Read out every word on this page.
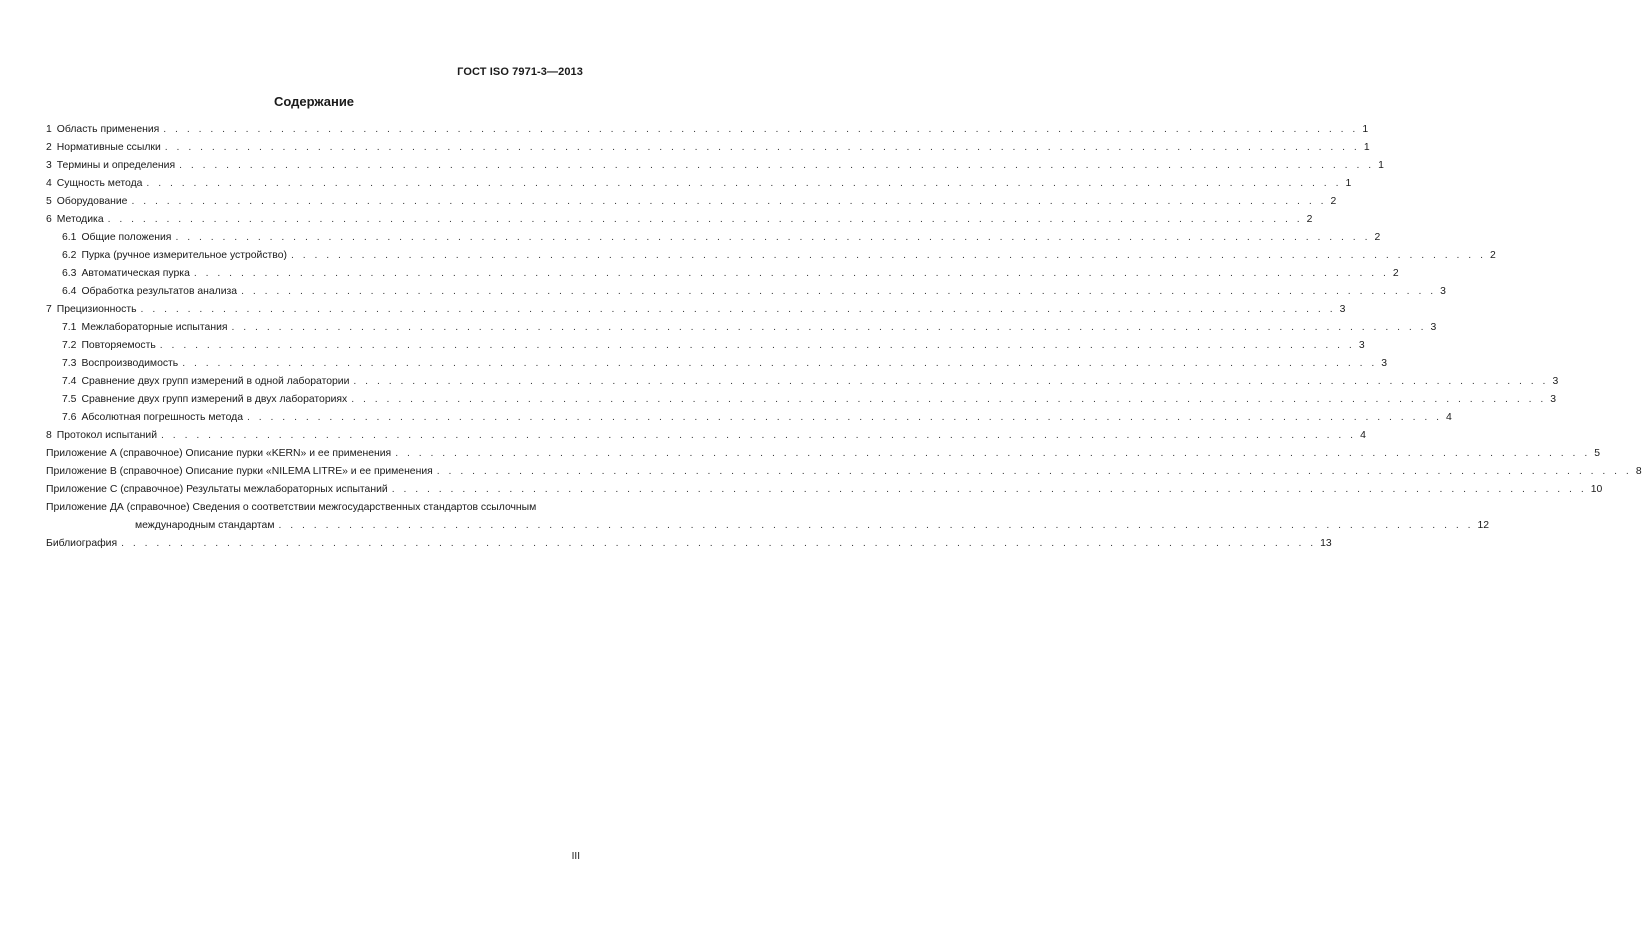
ГОСТ ISO 7971-3—2013
Содержание
1 Область применения . . .	1
2 Нормативные ссылки . . .	1
3 Термины и определения . . .	1
4 Сущность метода . . .	1
5 Оборудование . . .	2
6 Методика . . .	2
6.1 Общие положения . . .	2
6.2 Пурка (ручное измерительное устройство) . . .	2
6.3 Автоматическая пурка . . .	2
6.4 Обработка результатов анализа . . .	3
7 Прецизионность . . .	3
7.1 Межлабораторные испытания . . .	3
7.2 Повторяемость . . .	3
7.3 Воспроизводимость . . .	3
7.4 Сравнение двух групп измерений в одной лаборатории . . .	3
7.5 Сравнение двух групп измерений в двух лабораториях . . .	3
7.6 Абсолютная погрешность метода . . .	4
8 Протокол испытаний . . .	4
Приложение А (справочное) Описание пурки «KERN» и ее применения . . .	5
Приложение В (справочное) Описание пурки «NILEMA LITRE» и ее применения . . .	8
Приложение С (справочное) Результаты межлабораторных испытаний . . .	10
Приложение ДА (справочное) Сведения о соответствии межгосударственных стандартов ссылочным
международным стандартам . . .	12
Библиография . . .	13
III
